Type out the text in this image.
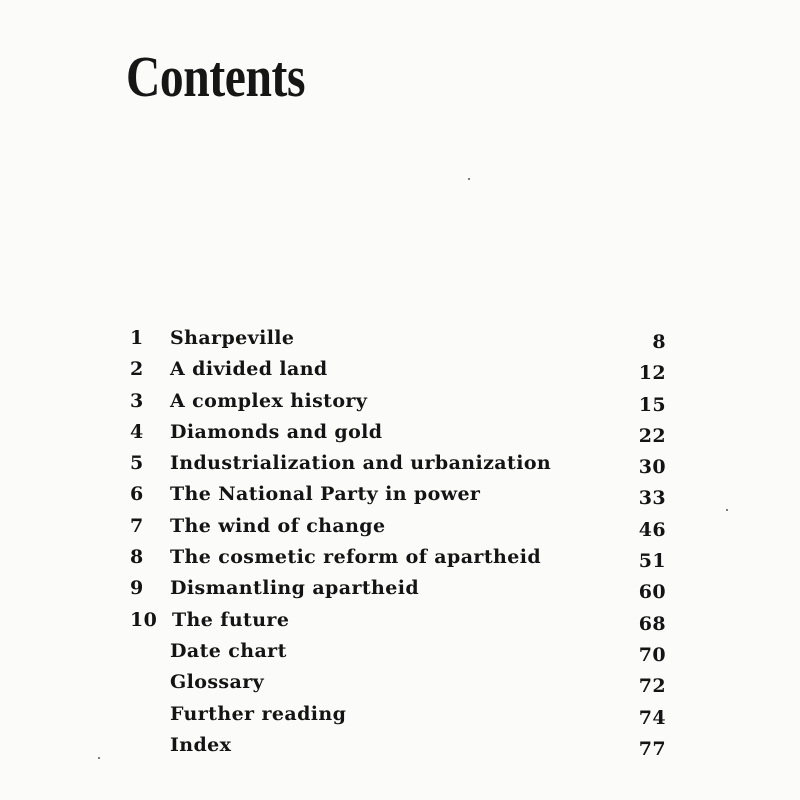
Contents
1 Sharpeville	8
2 A divided land	12
3 A complex history	15
4 Diamonds and gold	22
5 Industrialization and urbanization	30
6 The National Party in power	33
7 The wind of change	46
8 The cosmetic reform of apartheid	51
9 Dismantling apartheid	60
10 The future	68
Date chart	70
Glossary	72
Further reading	74
Index	77
